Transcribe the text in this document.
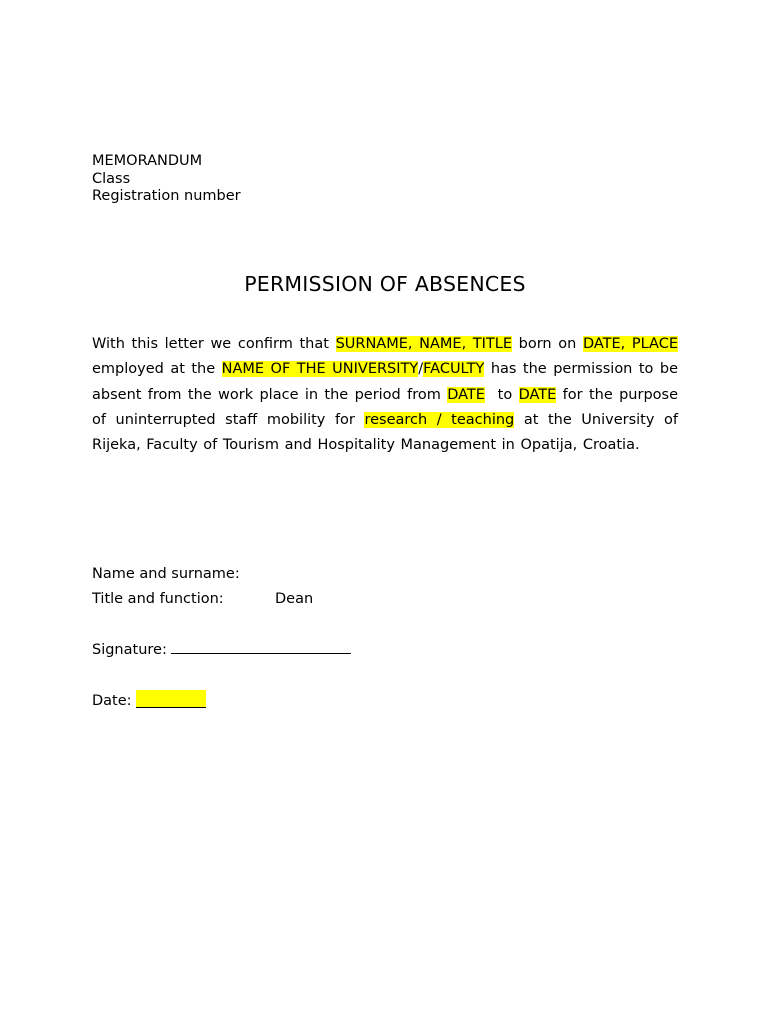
MEMORANDUM
Class
Registration number
PERMISSION OF ABSENCES
With this letter we confirm that SURNAME, NAME, TITLE born on DATE, PLACE employed at the NAME OF THE UNIVERSITY/FACULTY has the permission to be absent from the work place in the period from DATE  to DATE for the purpose of uninterrupted staff mobility for research / teaching at the University of Rijeka, Faculty of Tourism and Hospitality Management in Opatija, Croatia.
Name and surname:
Title and function:	Dean
Signature:
Date:
